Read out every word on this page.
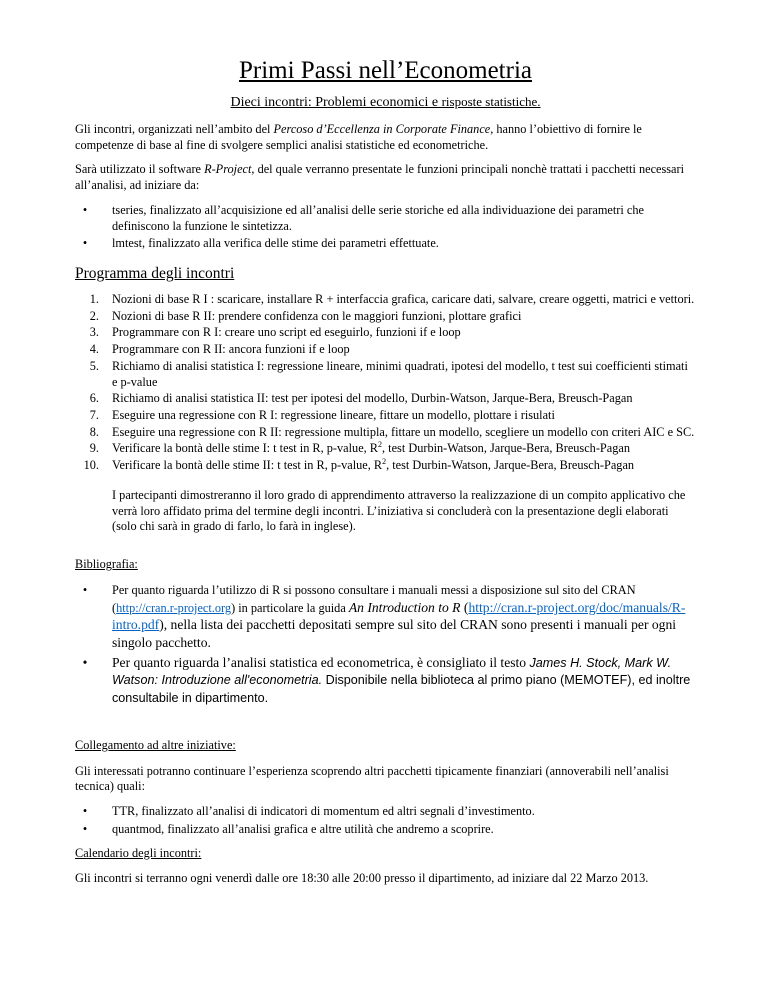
Primi Passi nell’Econometria
Dieci incontri: Problemi economici e risposte statistiche.

Gli incontri, organizzati nell’ambito del Percoso d’Eccellenza in Corporate Finance, hanno l’obiettivo di fornire le competenze di base al fine di svolgere semplici analisi statistiche ed econometriche.

Sarà utilizzato il software R-Project, del quale verranno presentate le funzioni principali nonchè trattati i pacchetti necessari all’analisi, ad iniziare da:

• tseries, finalizzato all’acquisizione ed all’analisi delle serie storiche ed alla individuazione dei parametri che definiscono la funzione le sintetizza.
• lmtest, finalizzato alla verifica delle stime dei parametri effettuate.
Programma degli incontri
1. Nozioni di base R I : scaricare, installare R + interfaccia grafica, caricare dati, salvare, creare oggetti, matrici e vettori.
2. Nozioni di base R II: prendere confidenza con le maggiori funzioni, plottare grafici
3. Programmare con R I: creare uno script ed eseguirlo, funzioni if e loop
4. Programmare con R II: ancora funzioni if e loop
5. Richiamo di analisi statistica I: regressione lineare, minimi quadrati, ipotesi del modello, t test sui coefficienti stimati e p-value
6. Richiamo di analisi statistica II: test per ipotesi del modello, Durbin-Watson, Jarque-Bera, Breusch-Pagan
7. Eseguire una regressione con R I: regressione lineare, fittare un modello, plottare i risulati
8. Eseguire una regressione con R II: regressione multipla, fittare un modello, scegliere un modello con criteri AIC e SC.
9. Verificare la bontà delle stime I: t test in R, p-value, $R^2$, test Durbin-Watson, Jarque-Bera, Breusch-Pagan
10. Verificare la bontà delle stime II: t test in R, p-value, $R^2$, test Durbin-Watson, Jarque-Bera, Breusch-Pagan

I partecipanti dimostreranno il loro grado di apprendimento attraverso la realizzazione di un compito applicativo che verrà loro affidato prima del termine degli incontri. L’iniziativa si concluderà con la presentazione degli elaborati (solo chi sarà in grado di farlo, lo farà in inglese).

Bibliografia:
• Per quanto riguarda l’utilizzo di R si possono consultare i manuali messi a disposizione sul sito del CRAN (http://cran.r-project.org) in particolare la guida An Introduction to R (http://cran.r-project.org/doc/manuals/R-intro.pdf), nella lista dei pacchetti depositati sempre sul sito del CRAN sono presenti i manuali per ogni singolo pacchetto.
• Per quanto riguarda l’analisi statistica ed econometrica, è consigliato il testo James H. Stock, Mark W. Watson: Introduzione all'econometria. Disponibile nella biblioteca al primo piano (MEMOTEF), ed inoltre consultabile in dipartimento.
Collegamento ad altre iniziative:

Gli interessati potranno continuare l’esperienza scoprendo altri pacchetti tipicamente finanziari (annoverabili nell’analisi tecnica) quali:

• TTR, finalizzato all’analisi di indicatori di momentum ed altri segnali d’investimento.
• quantmod, finalizzato all’analisi grafica e altre utilità che andremo a scoprire.
Calendario degli incontri:

Gli incontri si terranno ogni venerdì dalle ore 18:30 alle 20:00 presso il dipartimento, ad iniziare dal 22 Marzo 2013.
